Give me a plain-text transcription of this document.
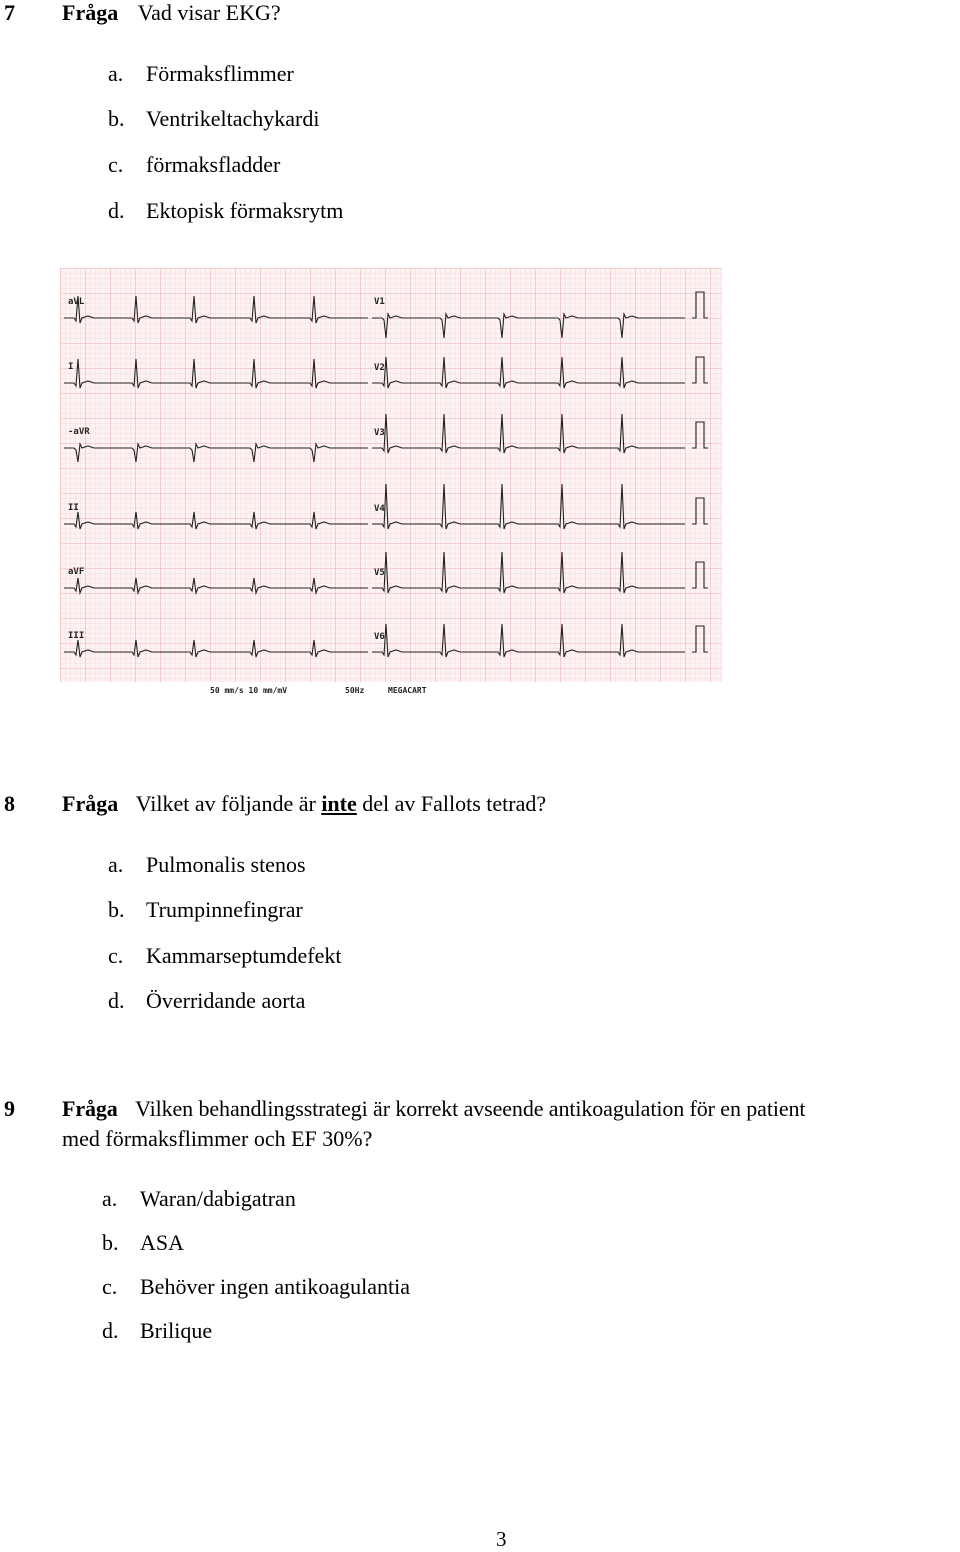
7 Fråga Vad visar EKG?
a. Förmaksflimmer
b. Ventrikeltachykardi
c. förmaksfladder
d. Ektopisk förmaksrytm
aVL
I
-aVR
II
aVF
III
V1
V2
V3
V4
V5
V6
50 mm/s 10 mm/mV	50Hz	MEGACART
8 Fråga Vilket av följande är inte del av Fallots tetrad?
a. Pulmonalis stenos
b. Trumpinnefingrar
c. Kammarseptumdefekt
d. Överridande aorta
9 Fråga Vilken behandlingsstrategi är korrekt avseende antikoagulation för en patient
med förmaksflimmer och EF 30%?
a. Waran/dabigatran
b. ASA
c. Behöver ingen antikoagulantia
d. Brilique
3
